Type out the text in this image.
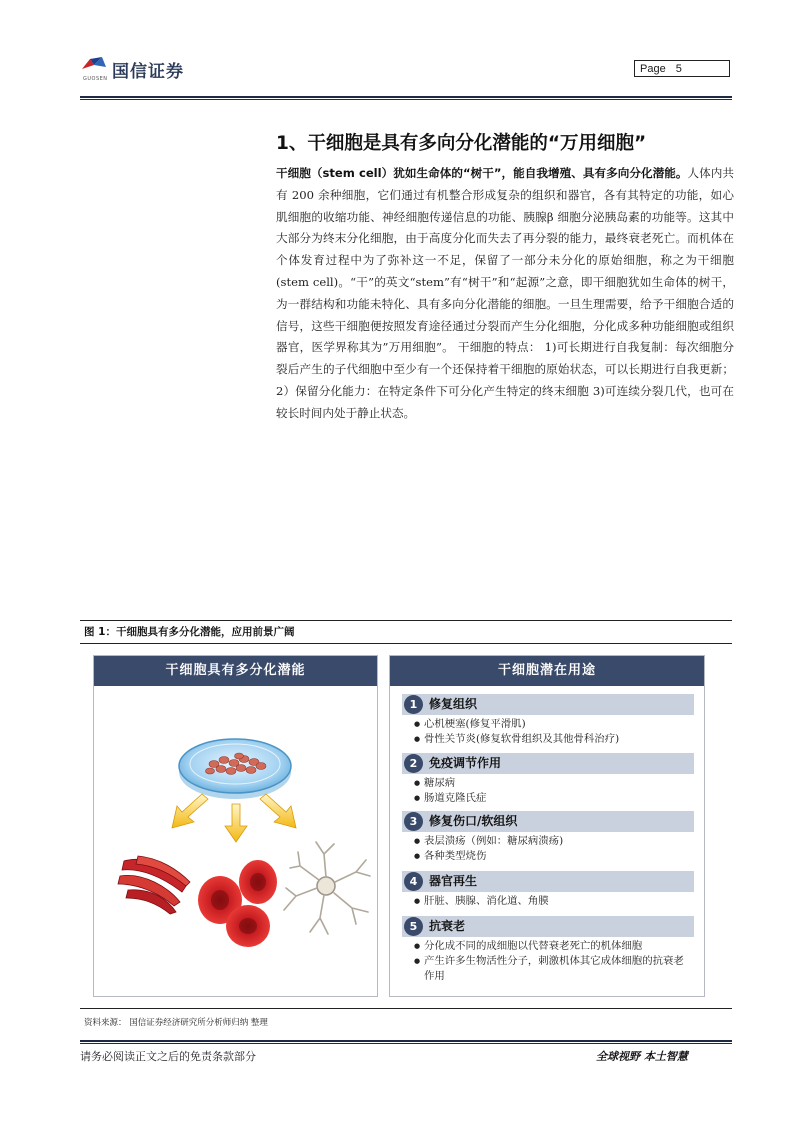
国信证券
GUOSEN
Page 5
1、干细胞是具有多向分化潜能的“万用细胞”
干细胞（stem cell）犹如生命体的“树干”，能自我增殖、具有多向分化潜能。人体内共有 200 余种细胞，它们通过有机整合形成复杂的组织和器官，各有其特定的功能，如心肌细胞的收缩功能、神经细胞传递信息的功能、胰腺β 细胞分泌胰岛素的功能等。这其中大部分为终末分化细胞，由于高度分化而失去了再分裂的能力，最终衰老死亡。而机体在个体发育过程中为了弥补这一不足，保留了一部分未分化的原始细胞，称之为干细胞(stem cell)。“干”的英文“stem”有“树干”和“起源”之意，即干细胞犹如生命体的树干，为一群结构和功能未特化、具有多向分化潜能的细胞。一旦生理需要，给予干细胞合适的信号，这些干细胞便按照发育途径通过分裂而产生分化细胞，分化成多种功能细胞或组织器官，医学界称其为”万用细胞”。 干细胞的特点： 1)可长期进行自我复制：每次细胞分裂后产生的子代细胞中至少有一个还保持着干细胞的原始状态，可以长期进行自我更新；2）保留分化能力：在特定条件下可分化产生特定的终末细胞 3)可连续分裂几代，也可在较长时间内处于静止状态。
图 1：干细胞具有多分化潜能，应用前景广阔
干细胞具有多分化潜能	干细胞潜在用途
1 修复组织
● 心机梗塞(修复平滑肌)
● 骨性关节炎(修复软骨组织及其他骨科治疗)
2 免疫调节作用
● 糖尿病
● 肠道克隆氏症
3 修复伤口/软组织
● 表层溃疡（例如：糖尿病溃疡)
● 各种类型烧伤
4 器官再生
● 肝脏、胰腺、消化道、角膜
5 抗衰老
● 分化成不同的成细胞以代替衰老死亡的机体细胞
● 产生许多生物活性分子，刺激机体其它成体细胞的抗衰老作用
资料来源： 国信证券经济研究所分析师归纳 整理
请务必阅读正文之后的免责条款部分	全球视野 本土智慧
